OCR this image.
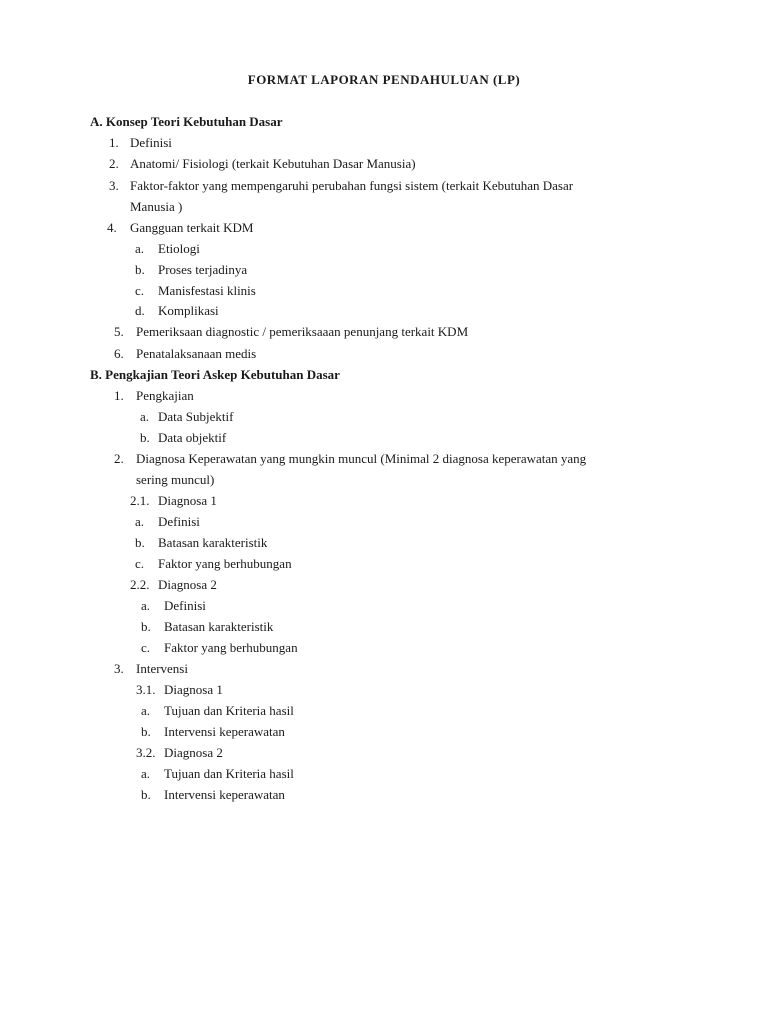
FORMAT LAPORAN PENDAHULUAN (LP)
A. Konsep Teori Kebutuhan Dasar
1. Definisi
2. Anatomi/ Fisiologi (terkait Kebutuhan Dasar Manusia)
3. Faktor-faktor yang mempengaruhi perubahan fungsi sistem (terkait Kebutuhan Dasar
Manusia )
4. Gangguan terkait KDM
a. Etiologi
b. Proses terjadinya
c. Manisfestasi klinis
d. Komplikasi
5. Pemeriksaan diagnostic / pemeriksaaan penunjang terkait KDM
6. Penatalaksanaan medis
B. Pengkajian Teori Askep Kebutuhan Dasar
1. Pengkajian
a. Data Subjektif
b. Data objektif
2. Diagnosa Keperawatan yang mungkin muncul (Minimal 2 diagnosa keperawatan yang
sering muncul)
2.1. Diagnosa 1
a. Definisi
b. Batasan karakteristik
c. Faktor yang berhubungan
2.2. Diagnosa 2
a. Definisi
b. Batasan karakteristik
c. Faktor yang berhubungan
3. Intervensi
3.1. Diagnosa 1
a. Tujuan dan Kriteria hasil
b. Intervensi keperawatan
3.2. Diagnosa 2
a. Tujuan dan Kriteria hasil
b. Intervensi keperawatan
